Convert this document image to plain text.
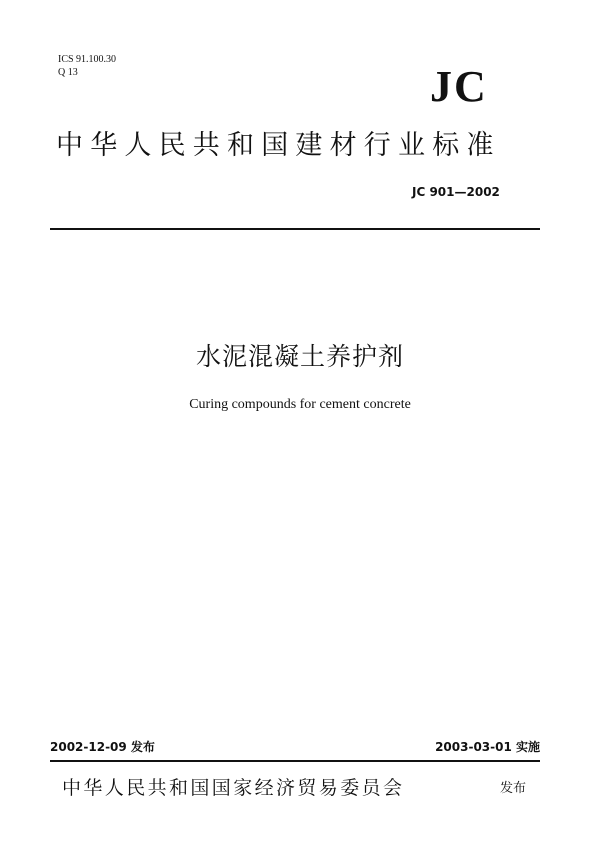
ICS 91.100.30
Q 13	JC
中华人民共和国建材行业标准
JC 901—2002
水泥混凝土养护剂
Curing compounds for cement concrete
2002-12-09 发布	2003-03-01 实施
中华人民共和国国家经济贸易委员会	发布
